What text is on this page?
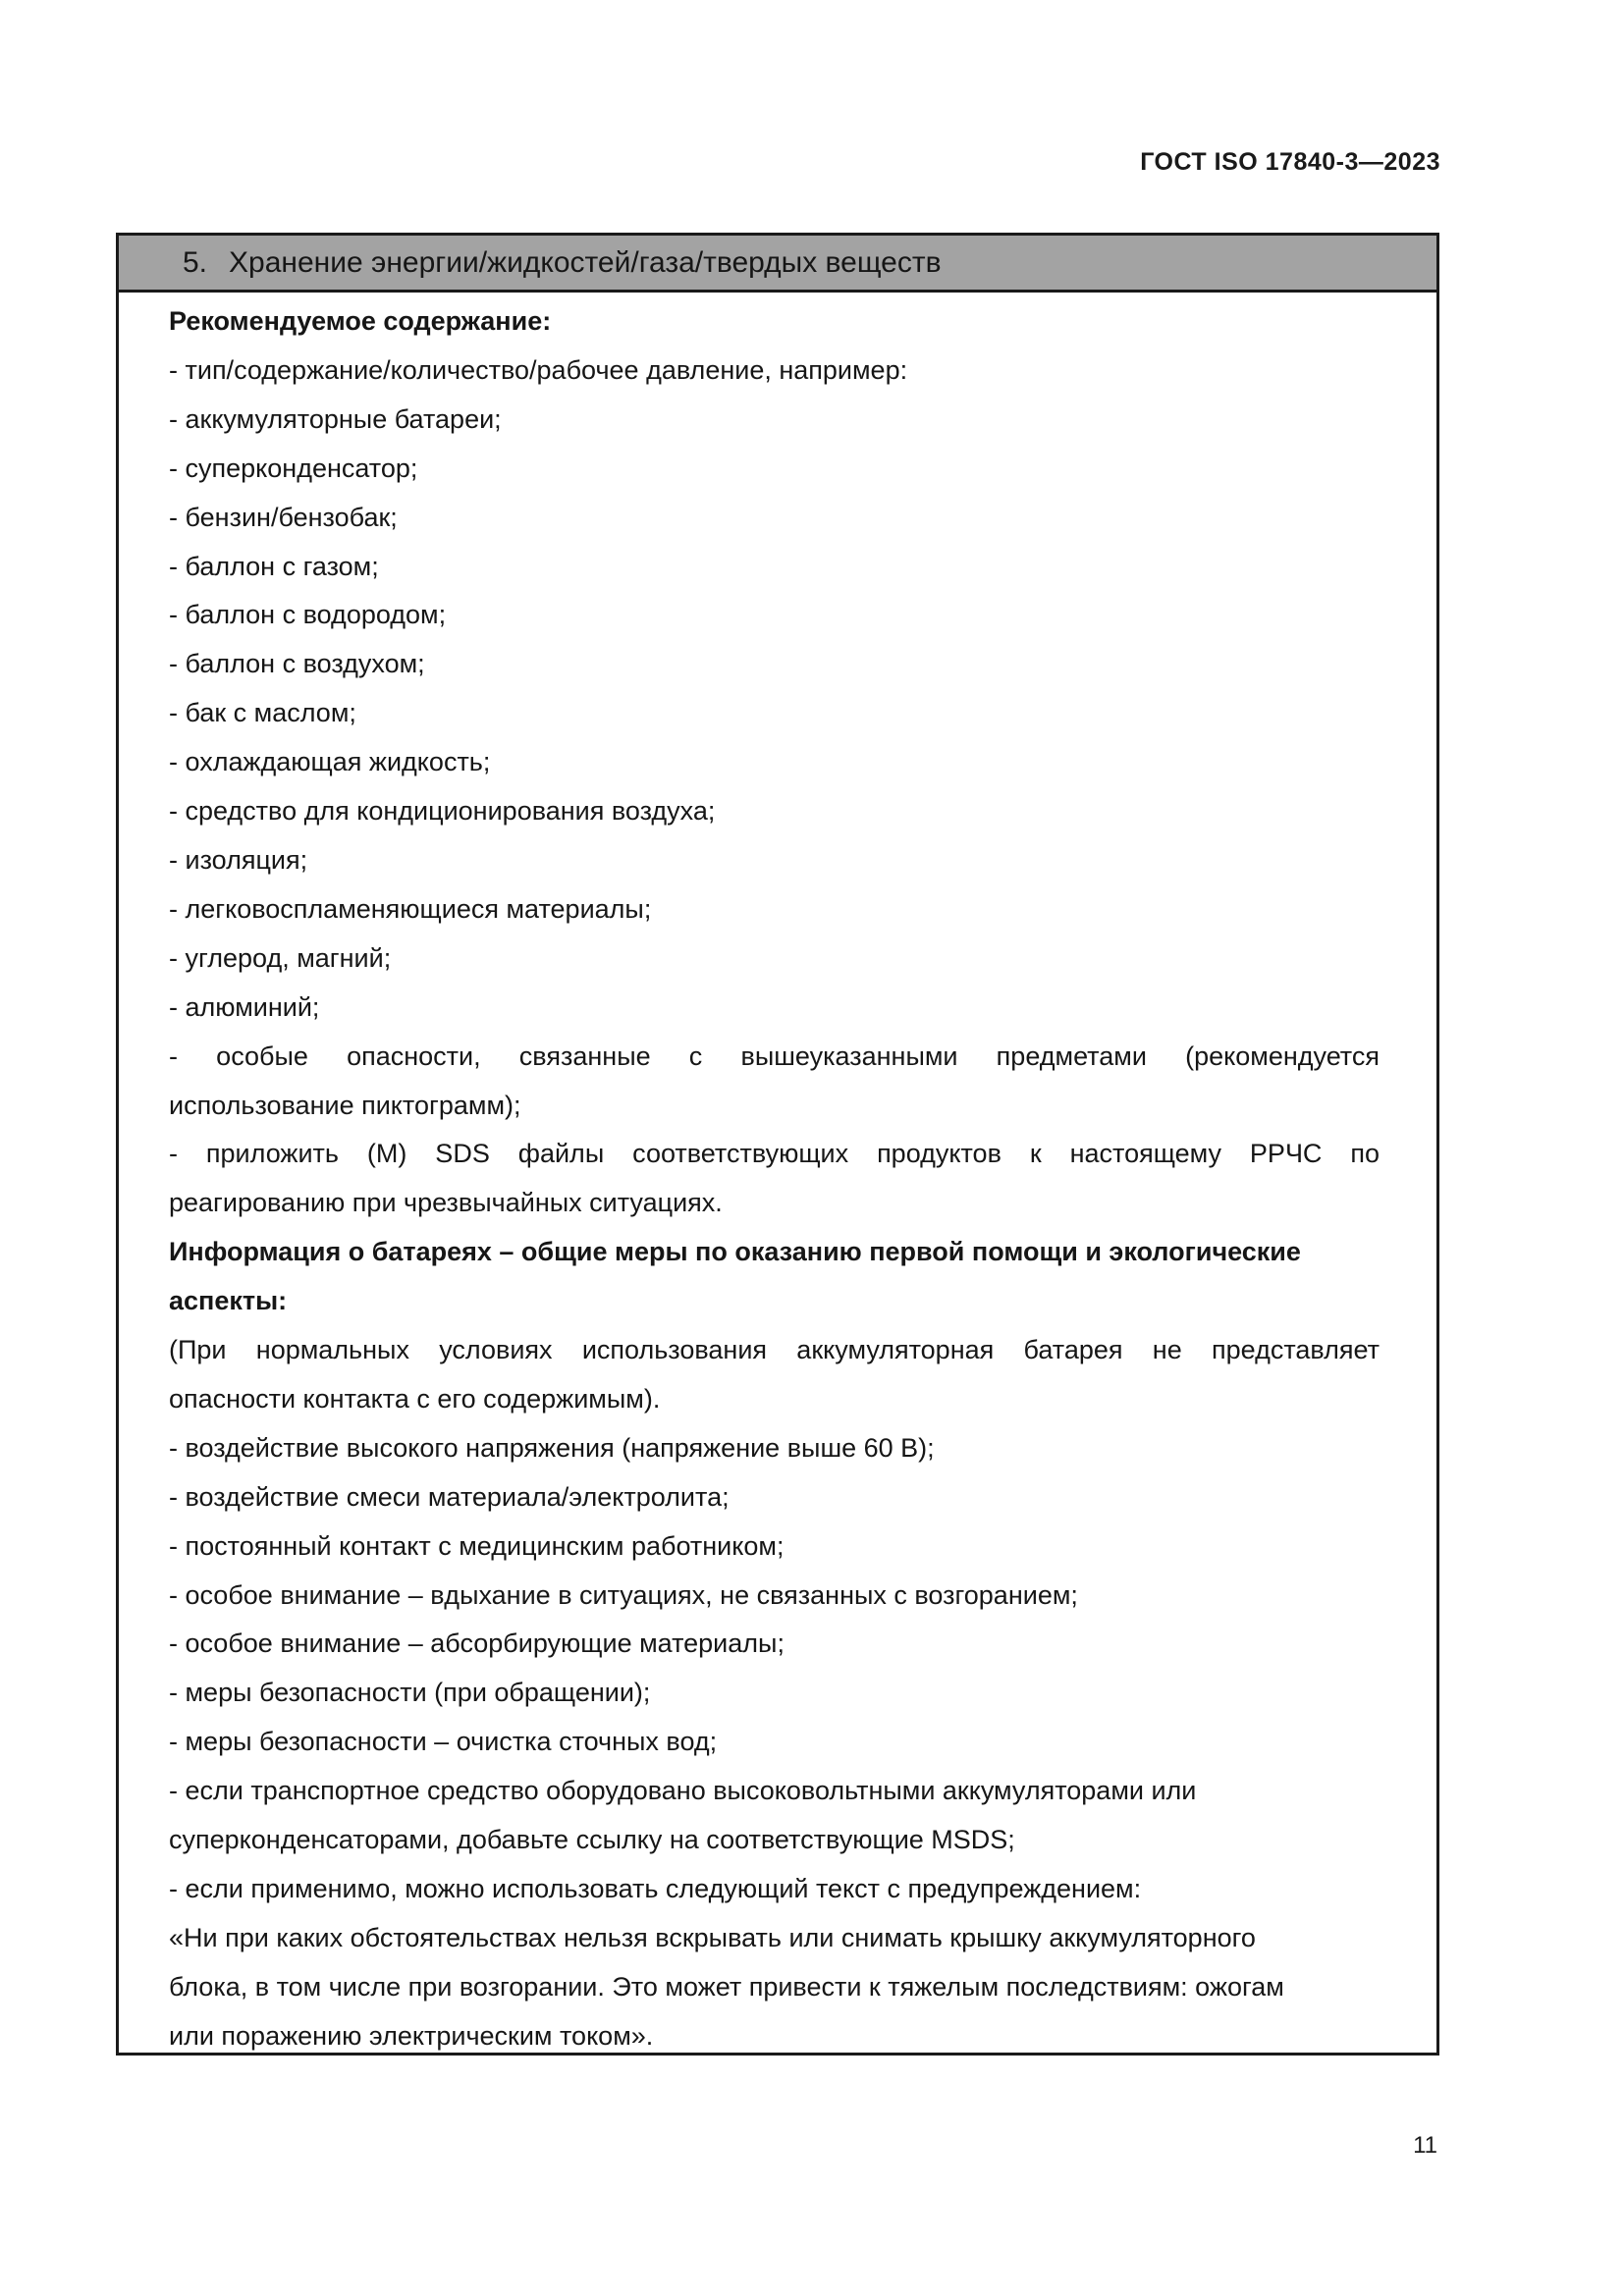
ГОСТ ISO 17840-3—2023
5. Хранение энергии/жидкостей/газа/твердых веществ
Рекомендуемое содержание:
- тип/содержание/количество/рабочее давление, например:
- аккумуляторные батареи;
- суперконденсатор;
- бензин/бензобак;
- баллон с газом;
- баллон с водородом;
- баллон с воздухом;
- бак с маслом;
- охлаждающая жидкость;
- средство для кондиционирования воздуха;
- изоляция;
- легковоспламеняющиеся материалы;
- углерод, магний;
- алюминий;
- особые опасности, связанные с вышеуказанными предметами (рекомендуется
использование пиктограмм);
- приложить (М) SDS файлы соответствующих продуктов к настоящему РРЧС по
реагированию при чрезвычайных ситуациях.
Информация о батареях – общие меры по оказанию первой помощи и экологические
аспекты:
(При нормальных условиях использования аккумуляторная батарея не представляет
опасности контакта с его содержимым).
- воздействие высокого напряжения (напряжение выше 60 В);
- воздействие смеси материала/электролита;
- постоянный контакт с медицинским работником;
- особое внимание – вдыхание в ситуациях, не связанных с возгоранием;
- особое внимание – абсорбирующие материалы;
- меры безопасности (при обращении);
- меры безопасности – очистка сточных вод;
- если транспортное средство оборудовано высоковольтными аккумуляторами или
суперконденсаторами, добавьте ссылку на соответствующие MSDS;
- если применимо, можно использовать следующий текст с предупреждением:
«Ни при каких обстоятельствах нельзя вскрывать или снимать крышку аккумуляторного
блока, в том числе при возгорании. Это может привести к тяжелым последствиям: ожогам
или поражению электрическим током».
11
